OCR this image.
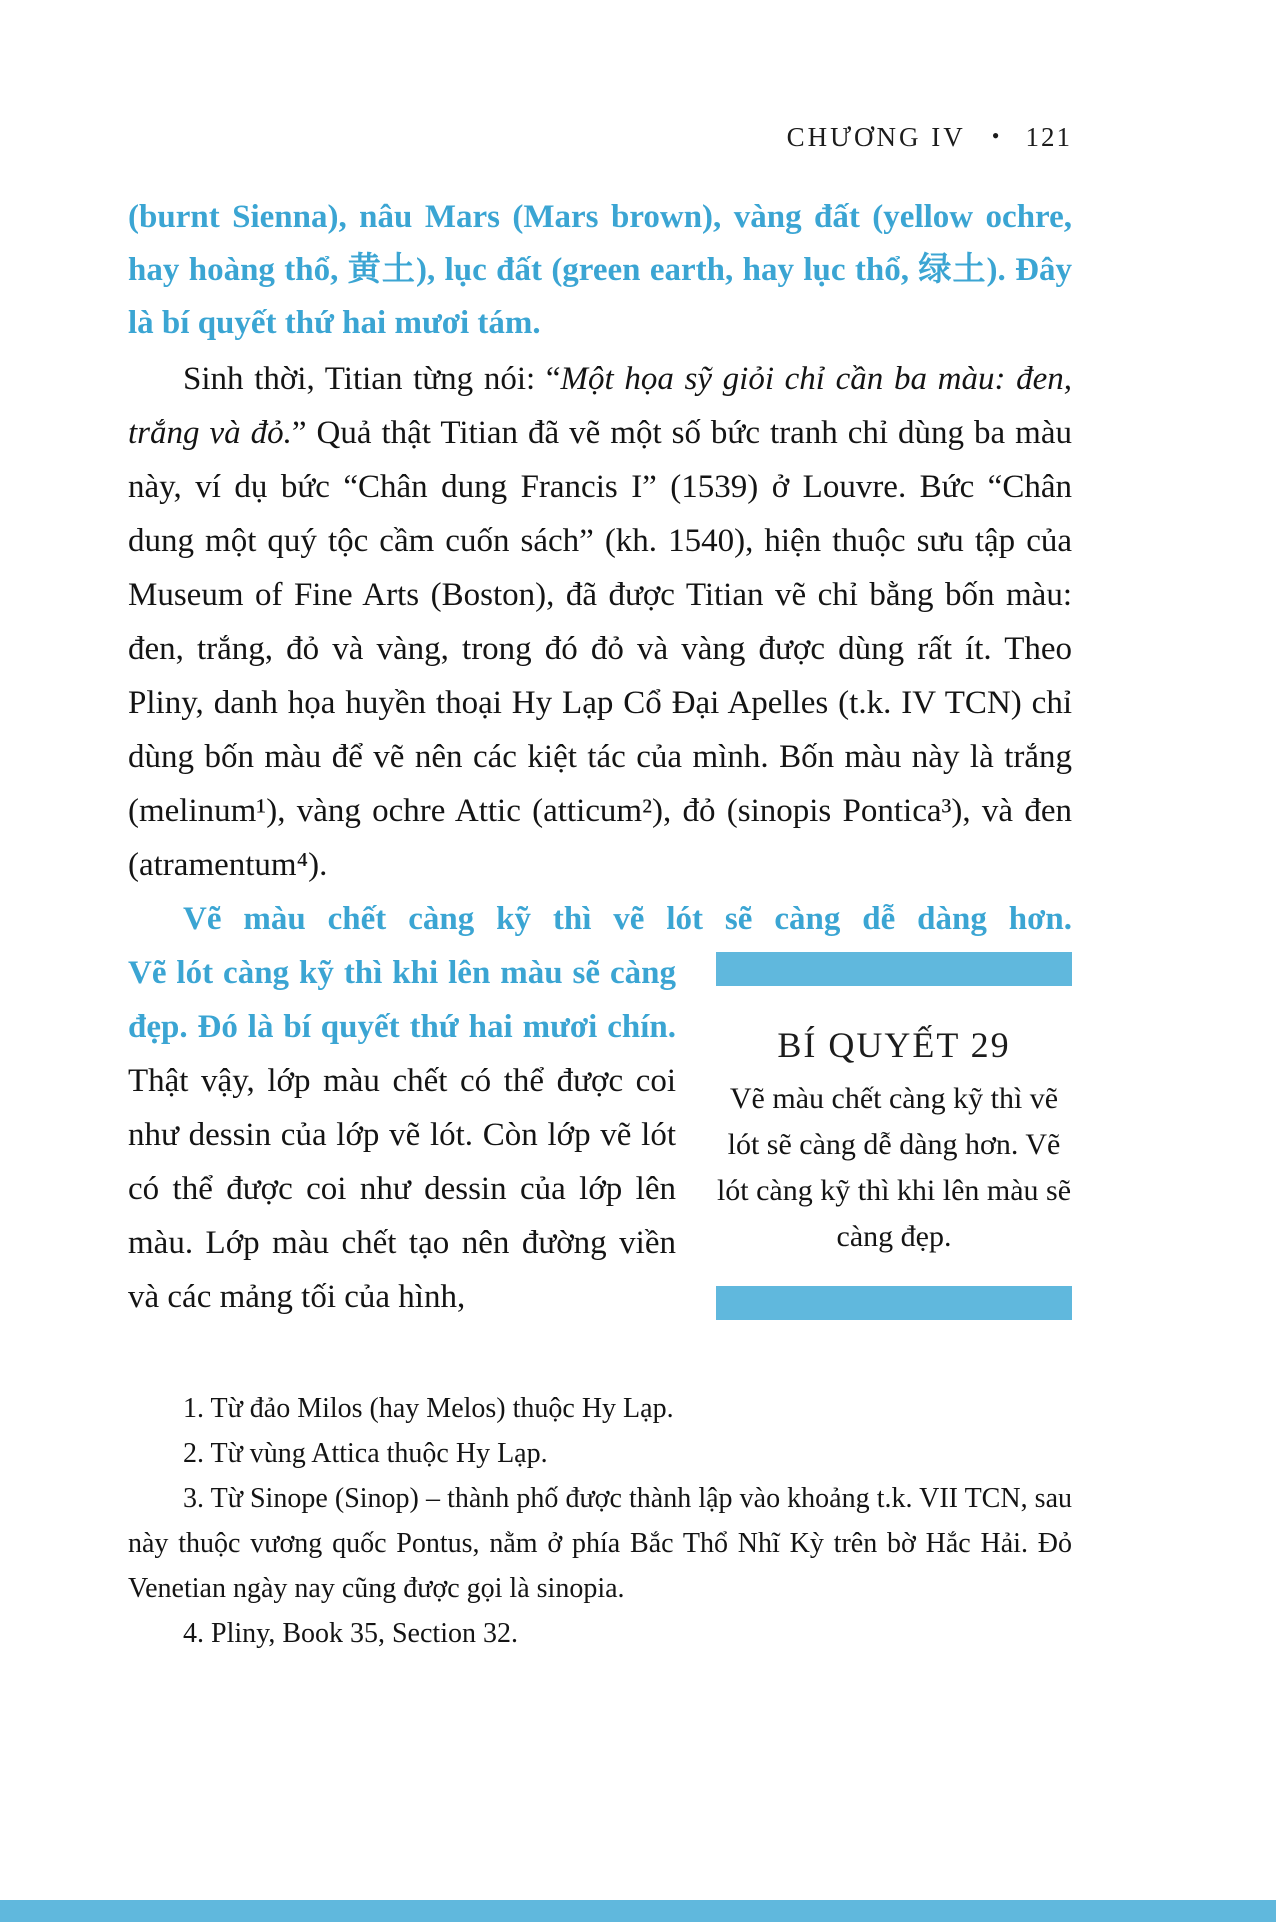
CHƯƠNG IV • 121

(burnt Sienna), nâu Mars (Mars brown), vàng đất (yellow ochre, hay hoàng thổ, 黄土), lục đất (green earth, hay lục thổ, 绿土). Đây là bí quyết thứ hai mươi tám.

Sinh thời, Titian từng nói: “Một họa sỹ giỏi chỉ cần ba màu: đen, trắng và đỏ.” Quả thật Titian đã vẽ một số bức tranh chỉ dùng ba màu này, ví dụ bức “Chân dung Francis I” (1539) ở Louvre. Bức “Chân dung một quý tộc cầm cuốn sách” (kh. 1540), hiện thuộc sưu tập của Museum of Fine Arts (Boston), đã được Titian vẽ chỉ bằng bốn màu: đen, trắng, đỏ và vàng, trong đó đỏ và vàng được dùng rất ít. Theo Pliny, danh họa huyền thoại Hy Lạp Cổ Đại Apelles (t.k. IV TCN) chỉ dùng bốn màu để vẽ nên các kiệt tác của mình. Bốn màu này là trắng (melinum¹), vàng ochre Attic (atticum²), đỏ (sinopis Pontica³), và đen (atramentum⁴).

Vẽ màu chết càng kỹ thì vẽ lót sẽ càng dễ dàng hơn.

Vẽ lót càng kỹ thì khi lên màu sẽ càng đẹp. Đó là bí quyết thứ hai mươi chín. Thật vậy, lớp màu chết có thể được coi như dessin của lớp vẽ lót. Còn lớp vẽ lót có thể được coi như dessin của lớp lên màu. Lớp màu chết tạo nên đường viền và các mảng tối của hình,

BÍ QUYẾT 29

Vẽ màu chết càng kỹ thì vẽ lót sẽ càng dễ dàng hơn. Vẽ lót càng kỹ thì khi lên màu sẽ càng đẹp.

1. Từ đảo Milos (hay Melos) thuộc Hy Lạp.

2. Từ vùng Attica thuộc Hy Lạp.

3. Từ Sinope (Sinop) – thành phố được thành lập vào khoảng t.k. VII TCN, sau này thuộc vương quốc Pontus, nằm ở phía Bắc Thổ Nhĩ Kỳ trên bờ Hắc Hải. Đỏ Venetian ngày nay cũng được gọi là sinopia.

4. Pliny, Book 35, Section 32.
